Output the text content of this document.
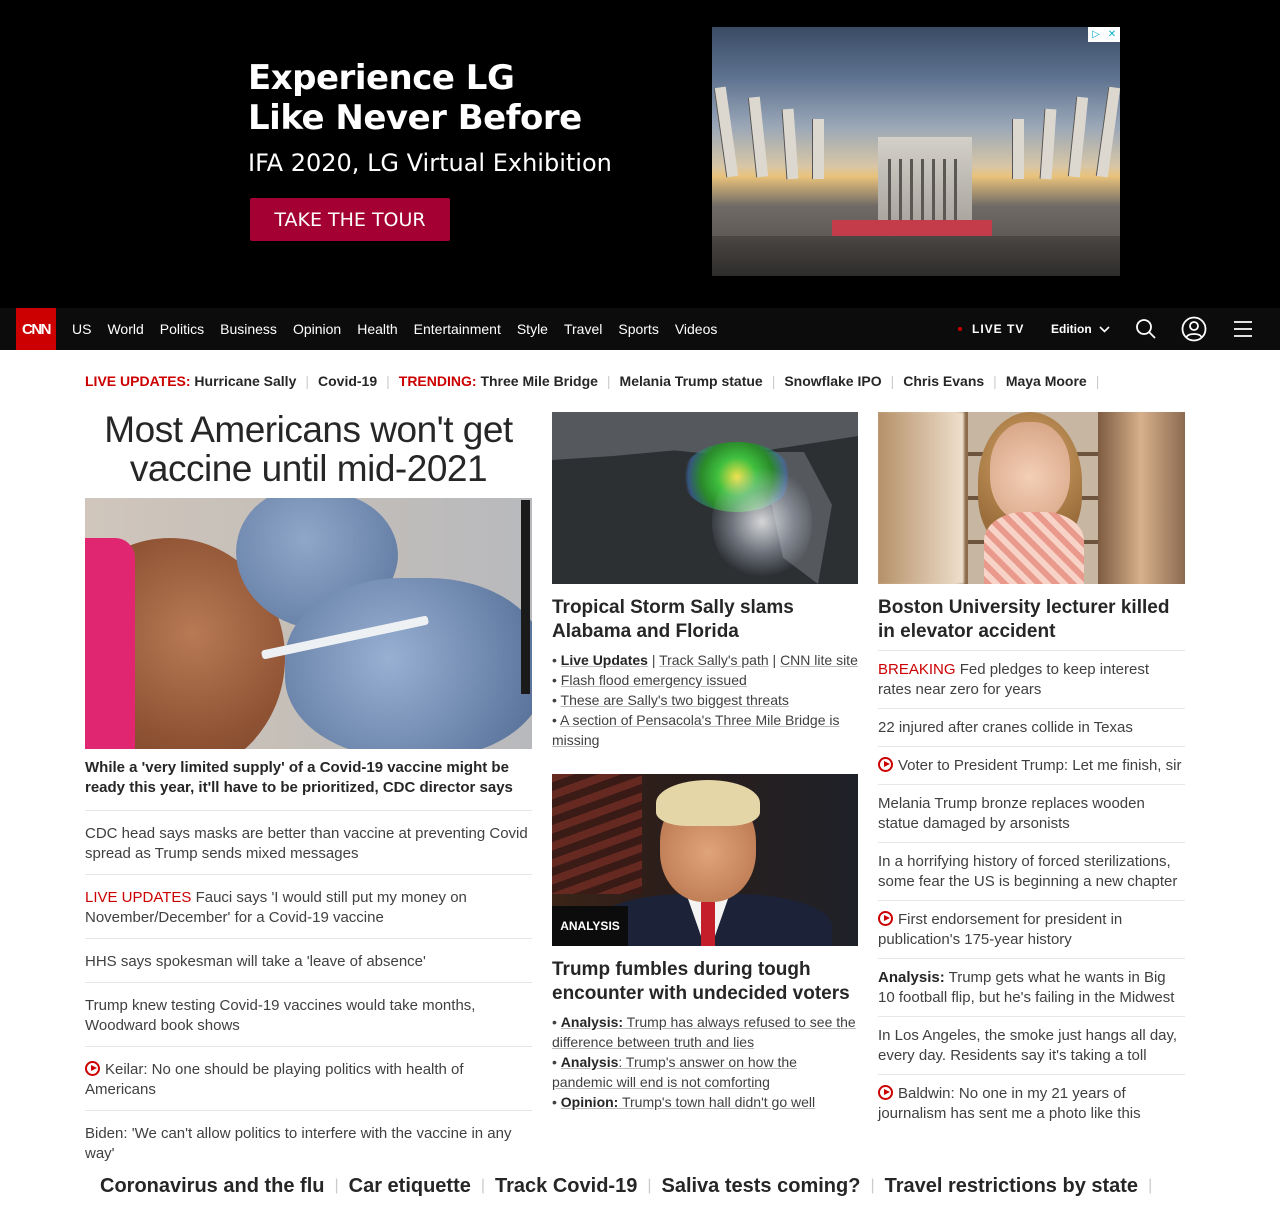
Experience LG
Like Never Before
IFA 2020, LG Virtual Exhibition
TAKE THE TOUR
▷ ✕
CNN	US World Politics Business Opinion Health Entertainment Style Travel Sports Videos	LIVE TV Edition
LIVE UPDATES: Hurricane Sally | Covid-19 | TRENDING: Three Mile Bridge | Melania Trump statue | Snowflake IPO | Chris Evans | Maya Moore |
Most Americans won't get vaccine until mid-2021
While a 'very limited supply' of a Covid-19 vaccine might be ready this year, it'll have to be prioritized, CDC director says
CDC head says masks are better than vaccine at preventing Covid spread as Trump sends mixed messages
LIVE UPDATES Fauci says 'I would still put my money on November/December' for a Covid-19 vaccine
HHS says spokesman will take a 'leave of absence'
Trump knew testing Covid-19 vaccines would take months, Woodward book shows
Keilar: No one should be playing politics with health of Americans
Biden: 'We can't allow politics to interfere with the vaccine in any way'
Tropical Storm Sally slams Alabama and Florida
• Live Updates | Track Sally's path | CNN lite site
• Flash flood emergency issued
• These are Sally's two biggest threats
• A section of Pensacola's Three Mile Bridge is missing
ANALYSIS
Trump fumbles during tough encounter with undecided voters
• Analysis: Trump has always refused to see the difference between truth and lies
• Analysis: Trump's answer on how the pandemic will end is not comforting
• Opinion: Trump's town hall didn't go well
Boston University lecturer killed in elevator accident
BREAKING Fed pledges to keep interest rates near zero for years
22 injured after cranes collide in Texas
Voter to President Trump: Let me finish, sir
Melania Trump bronze replaces wooden statue damaged by arsonists
In a horrifying history of forced sterilizations, some fear the US is beginning a new chapter
First endorsement for president in publication's 175-year history
Analysis: Trump gets what he wants in Big 10 football flip, but he's failing in the Midwest
In Los Angeles, the smoke just hangs all day, every day. Residents say it's taking a toll
Baldwin: No one in my 21 years of journalism has sent me a photo like this
Coronavirus and the flu | Car etiquette | Track Covid-19 | Saliva tests coming? | Travel restrictions by state |
